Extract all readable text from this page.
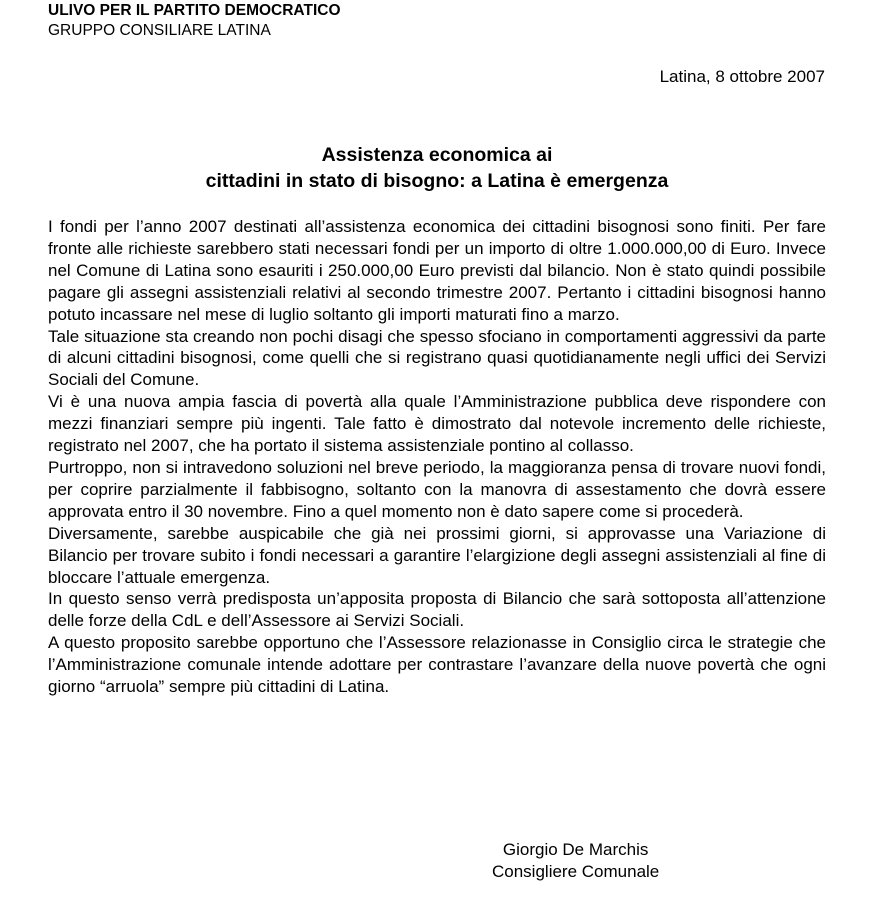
ULIVO PER IL PARTITO DEMOCRATICO
GRUPPO CONSILIARE LATINA
Latina, 8 ottobre 2007
Assistenza economica ai
cittadini in stato di bisogno: a Latina è emergenza

I fondi per l’anno 2007 destinati all’assistenza economica dei cittadini bisognosi sono finiti. Per fare fronte alle richieste sarebbero stati necessari fondi per un importo di oltre 1.000.000,00 di Euro. Invece nel Comune di Latina sono esauriti i 250.000,00 Euro previsti dal bilancio. Non è stato quindi possibile pagare gli assegni assistenziali relativi al secondo trimestre 2007. Pertanto i cittadini bisognosi hanno potuto incassare nel mese di luglio soltanto gli importi maturati fino a marzo.

Tale situazione sta creando non pochi disagi che spesso sfociano in comportamenti aggressivi da parte di alcuni cittadini bisognosi, come quelli che si registrano quasi quotidianamente negli uffici dei Servizi Sociali del Comune.

Vi è una nuova ampia fascia di povertà alla quale l’Amministrazione pubblica deve rispondere con mezzi finanziari sempre più ingenti. Tale fatto è dimostrato dal notevole incremento delle richieste, registrato nel 2007, che ha portato il sistema assistenziale pontino al collasso.

Purtroppo, non si intravedono soluzioni nel breve periodo, la maggioranza pensa di trovare nuovi fondi, per coprire parzialmente il fabbisogno, soltanto con la manovra di assestamento che dovrà essere approvata entro il 30 novembre. Fino a quel momento non è dato sapere come si procederà.

Diversamente, sarebbe auspicabile che già nei prossimi giorni, si approvasse una Variazione di Bilancio per trovare subito i fondi necessari a garantire l’elargizione degli assegni assistenziali al fine di bloccare l’attuale emergenza.

In questo senso verrà predisposta un’apposita proposta di Bilancio che sarà sottoposta all’attenzione delle forze della CdL e dell’Assessore ai Servizi Sociali.

A questo proposito sarebbe opportuno che l’Assessore relazionasse in Consiglio circa le strategie che l’Amministrazione comunale intende adottare per contrastare l’avanzare della nuove povertà che ogni giorno “arruola” sempre più cittadini di Latina.

Giorgio De Marchis
Consigliere Comunale
